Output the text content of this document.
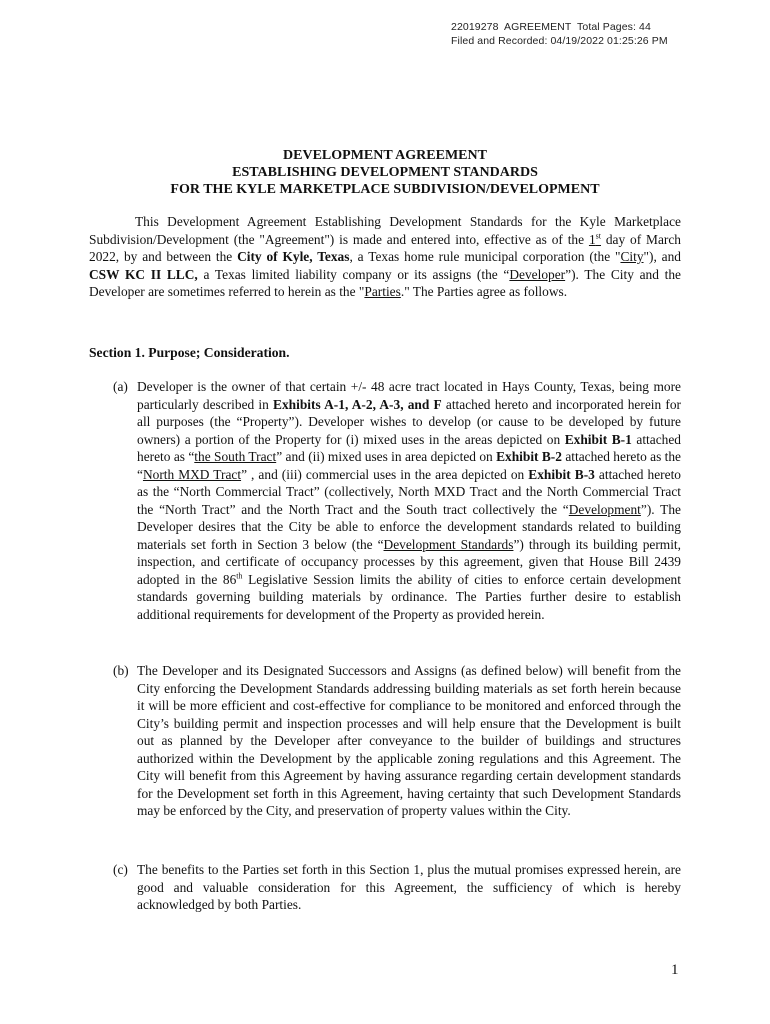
22019278  AGREEMENT  Total Pages: 44
Filed and Recorded: 04/19/2022 01:25:26 PM
DEVELOPMENT AGREEMENT
ESTABLISHING DEVELOPMENT STANDARDS
FOR THE KYLE MARKETPLACE SUBDIVISION/DEVELOPMENT
This Development Agreement Establishing Development Standards for the Kyle Marketplace Subdivision/Development (the "Agreement") is made and entered into, effective as of the 1st day of March 2022, by and between the City of Kyle, Texas, a Texas home rule municipal corporation (the "City"), and CSW KC II LLC, a Texas limited liability company or its assigns (the “Developer”). The City and the Developer are sometimes referred to herein as the "Parties." The Parties agree as follows.
Section 1. Purpose; Consideration.
(a) Developer is the owner of that certain +/- 48 acre tract located in Hays County, Texas, being more particularly described in Exhibits A-1, A-2, A-3, and F attached hereto and incorporated herein for all purposes (the “Property”). Developer wishes to develop (or cause to be developed by future owners) a portion of the Property for (i) mixed uses in the areas depicted on Exhibit B-1 attached hereto as “the South Tract” and (ii) mixed uses in area depicted on Exhibit B-2 attached hereto as the “North MXD Tract” , and (iii) commercial uses in the area depicted on Exhibit B-3 attached hereto as the “North Commercial Tract” (collectively, North MXD Tract and the North Commercial Tract the “North Tract” and the North Tract and the South tract collectively the “Development”). The Developer desires that the City be able to enforce the development standards related to building materials set forth in Section 3 below (the “Development Standards”) through its building permit, inspection, and certificate of occupancy processes by this agreement, given that House Bill 2439 adopted in the 86th Legislative Session limits the ability of cities to enforce certain development standards governing building materials by ordinance. The Parties further desire to establish additional requirements for development of the Property as provided herein.
(b) The Developer and its Designated Successors and Assigns (as defined below) will benefit from the City enforcing the Development Standards addressing building materials as set forth herein because it will be more efficient and cost-effective for compliance to be monitored and enforced through the City’s building permit and inspection processes and will help ensure that the Development is built out as planned by the Developer after conveyance to the builder of buildings and structures authorized within the Development by the applicable zoning regulations and this Agreement. The City will benefit from this Agreement by having assurance regarding certain development standards for the Development set forth in this Agreement, having certainty that such Development Standards may be enforced by the City, and preservation of property values within the City.
(c) The benefits to the Parties set forth in this Section 1, plus the mutual promises expressed herein, are good and valuable consideration for this Agreement, the sufficiency of which is hereby acknowledged by both Parties.
1
